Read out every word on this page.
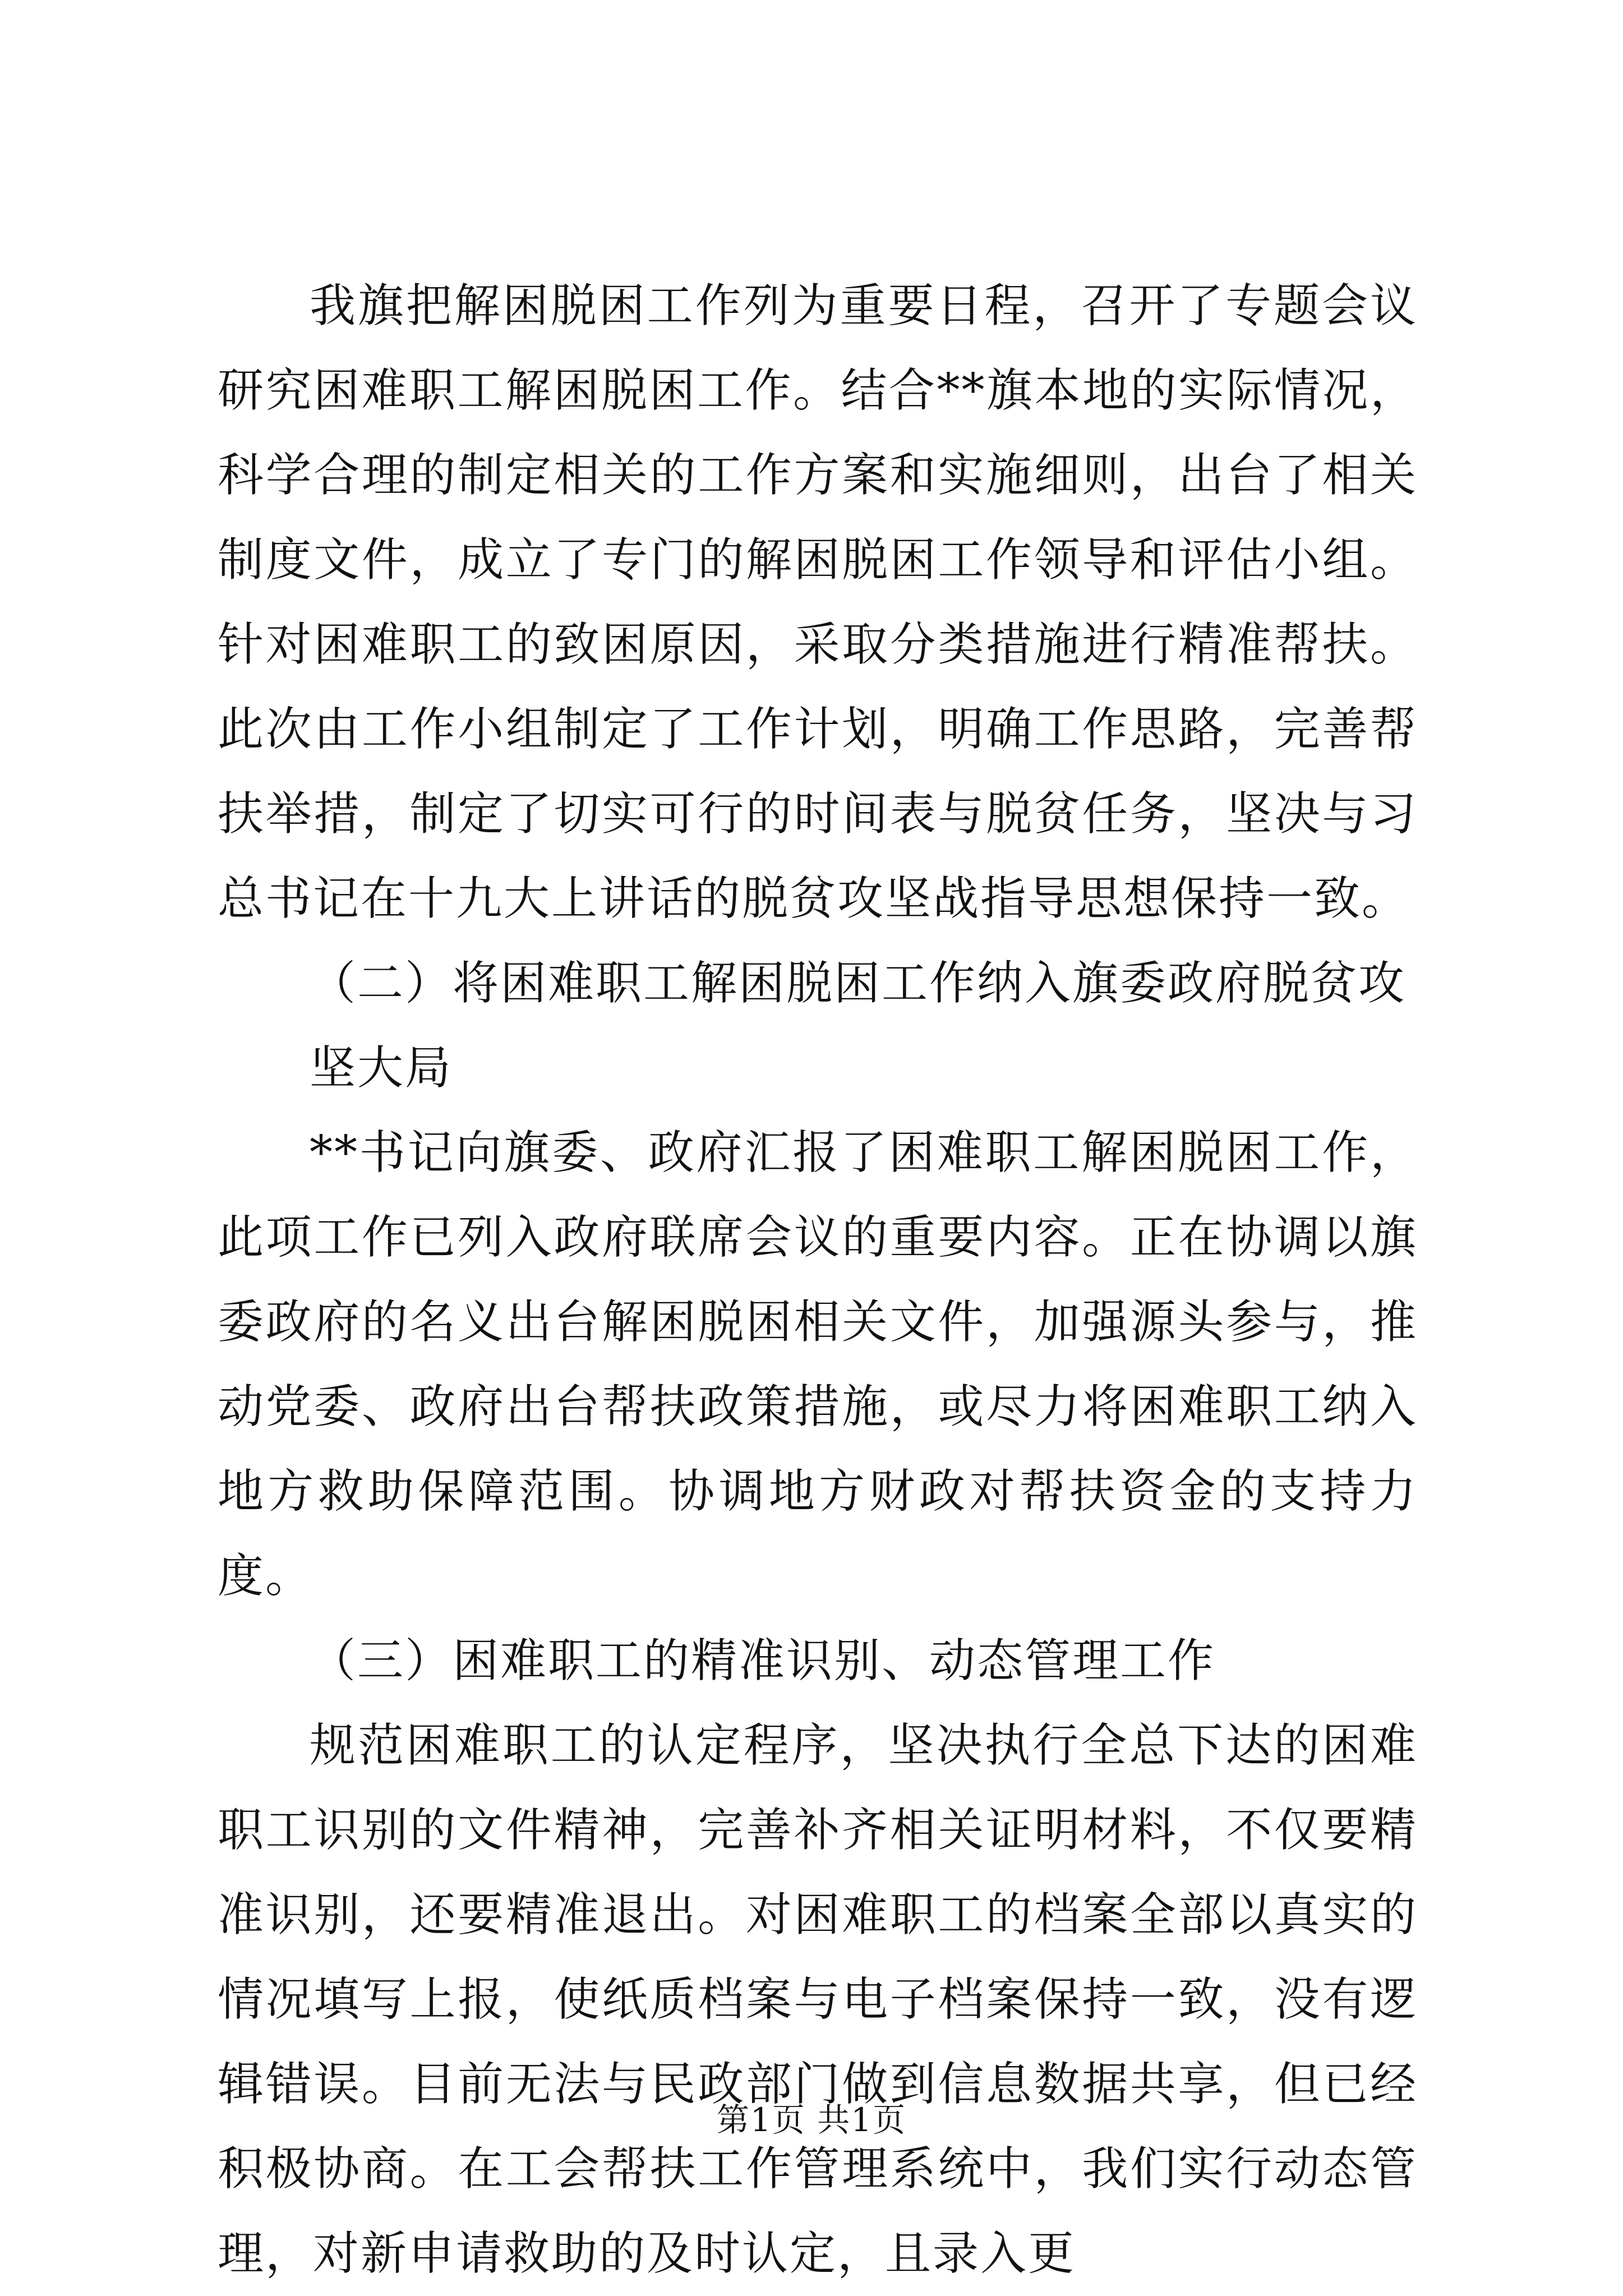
我旗把解困脱困工作列为重要日程，召开了专题会议研究困难职工解困脱困工作。结合**旗本地的实际情况，科学合理的制定相关的工作方案和实施细则，出台了相关制度文件，成立了专门的解困脱困工作领导和评估小组。针对困难职工的致困原因，采取分类措施进行精准帮扶。此次由工作小组制定了工作计划，明确工作思路，完善帮扶举措，制定了切实可行的时间表与脱贫任务，坚决与习总书记在十九大上讲话的脱贫攻坚战指导思想保持一致。

（二）将困难职工解困脱困工作纳入旗委政府脱贫攻坚大局

**书记向旗委、政府汇报了困难职工解困脱困工作，此项工作已列入政府联席会议的重要内容。正在协调以旗委政府的名义出台解困脱困相关文件，加强源头参与，推动党委、政府出台帮扶政策措施，或尽力将困难职工纳入地方救助保障范围。协调地方财政对帮扶资金的支持力度。

（三）困难职工的精准识别、动态管理工作

规范困难职工的认定程序，坚决执行全总下达的困难职工识别的文件精神，完善补齐相关证明材料，不仅要精准识别，还要精准退出。对困难职工的档案全部以真实的情况填写上报，使纸质档案与电子档案保持一致，没有逻辑错误。目前无法与民政部门做到信息数据共享，但已经积极协商。在工会帮扶工作管理系统中，我们实行动态管理，对新申请救助的及时认定，且录入更

第1页 共1页
